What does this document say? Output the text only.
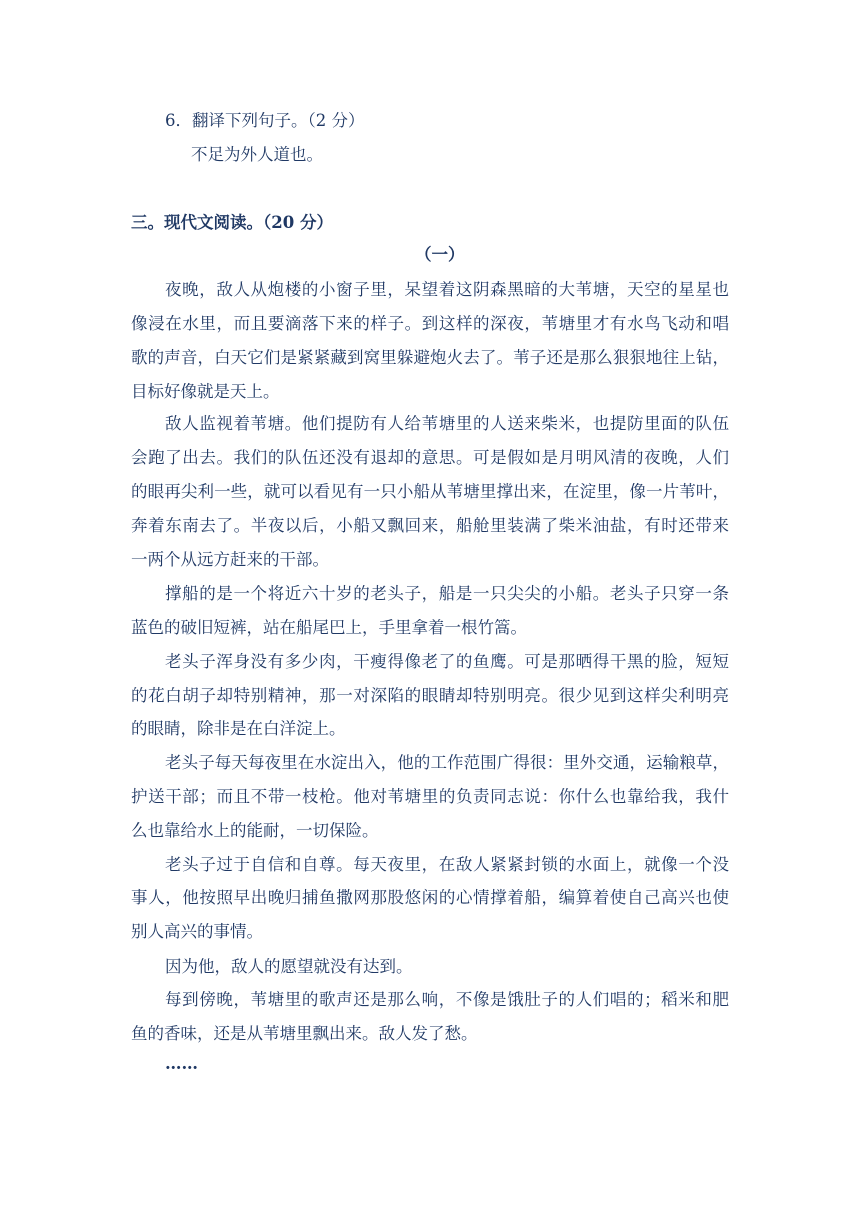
6．翻译下列句子。（2 分）
不足为外人道也。
三。现代文阅读。（20 分）
（一）
夜晚，敌人从炮楼的小窗子里，呆望着这阴森黑暗的大苇塘，天空的星星也
像浸在水里，而且要滴落下来的样子。到这样的深夜，苇塘里才有水鸟飞动和唱
歌的声音，白天它们是紧紧藏到窝里躲避炮火去了。苇子还是那么狠狠地往上钻，
目标好像就是天上。
敌人监视着苇塘。他们提防有人给苇塘里的人送来柴米，也提防里面的队伍
会跑了出去。我们的队伍还没有退却的意思。可是假如是月明风清的夜晚，人们
的眼再尖利一些，就可以看见有一只小船从苇塘里撑出来，在淀里，像一片苇叶，
奔着东南去了。半夜以后，小船又飘回来，船舱里装满了柴米油盐，有时还带来
一两个从远方赶来的干部。
撑船的是一个将近六十岁的老头子，船是一只尖尖的小船。老头子只穿一条
蓝色的破旧短裤，站在船尾巴上，手里拿着一根竹篙。
老头子浑身没有多少肉，干瘦得像老了的鱼鹰。可是那晒得干黑的脸，短短
的花白胡子却特别精神，那一对深陷的眼睛却特别明亮。很少见到这样尖利明亮
的眼睛，除非是在白洋淀上。
老头子每天每夜里在水淀出入，他的工作范围广得很：里外交通，运输粮草，
护送干部；而且不带一枝枪。他对苇塘里的负责同志说：你什么也靠给我，我什
么也靠给水上的能耐，一切保险。
老头子过于自信和自尊。每天夜里，在敌人紧紧封锁的水面上，就像一个没
事人，他按照早出晚归捕鱼撒网那股悠闲的心情撑着船，编算着使自己高兴也使
别人高兴的事情。
因为他，敌人的愿望就没有达到。
每到傍晚，苇塘里的歌声还是那么响，不像是饿肚子的人们唱的；稻米和肥
鱼的香味，还是从苇塘里飘出来。敌人发了愁。
……
